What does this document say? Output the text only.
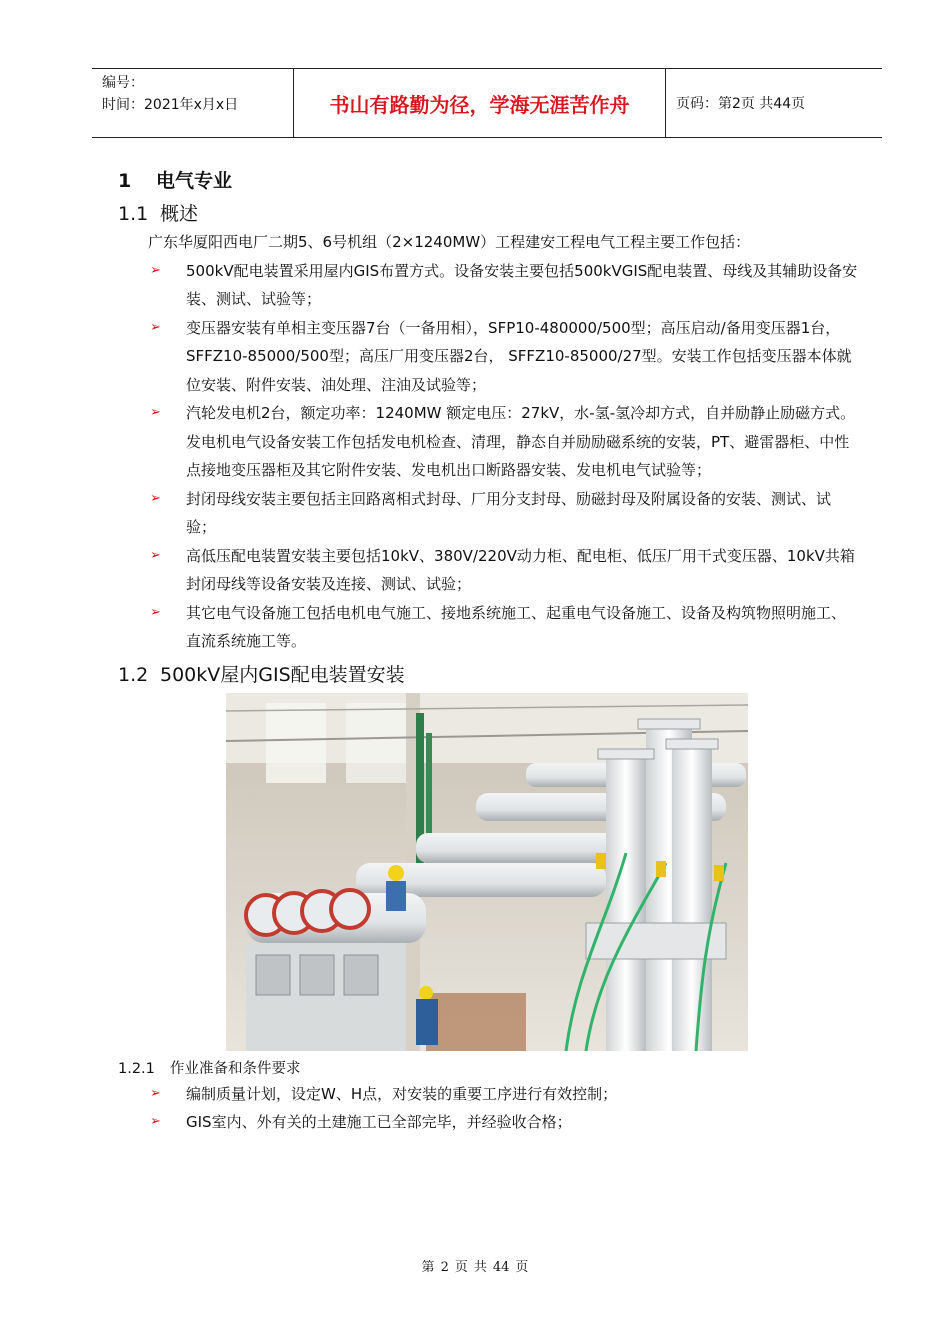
编号：
时间：2021年x月x日	书山有路勤为径，学海无涯苦作舟	页码：第2页 共44页
1 电气专业
1.1 概述

广东华厦阳西电厂二期5、6号机组（2×1240MW）工程建安工程电气工程主要工作包括：

➢ 500kV配电装置采用屋内GIS布置方式。设备安装主要包括500kVGIS配电装置、母线及其辅助设备安装、测试、试验等；
➢ 变压器安装有单相主变压器7台（一备用相），SFP10-480000/500型；高压启动/备用变压器1台，SFFZ10-85000/500型；高压厂用变压器2台， SFFZ10-85000/27型。安装工作包括变压器本体就位安装、附件安装、油处理、注油及试验等；
➢ 汽轮发电机2台，额定功率：1240MW 额定电压：27kV，水-氢-氢冷却方式，自并励静止励磁方式。发电机电气设备安装工作包括发电机检查、清理，静态自并励励磁系统的安装，PT、避雷器柜、中性点接地变压器柜及其它附件安装、发电机出口断路器安装、发电机电气试验等；
➢ 封闭母线安装主要包括主回路离相式封母、厂用分支封母、励磁封母及附属设备的安装、测试、试验；
➢ 高低压配电装置安装主要包括10kV、380V/220V动力柜、配电柜、低压厂用干式变压器、10kV共箱封闭母线等设备安装及连接、测试、试验；
➢ 其它电气设备施工包括电机电气施工、接地系统施工、起重电气设备施工、设备及构筑物照明施工、直流系统施工等。
1.2 500kV屋内GIS配电装置安装
1.2.1 作业准备和条件要求
➢ 编制质量计划，设定W、H点，对安装的重要工序进行有效控制；
➢ GIS室内、外有关的土建施工已全部完毕，并经验收合格；
第 2 页 共 44 页
